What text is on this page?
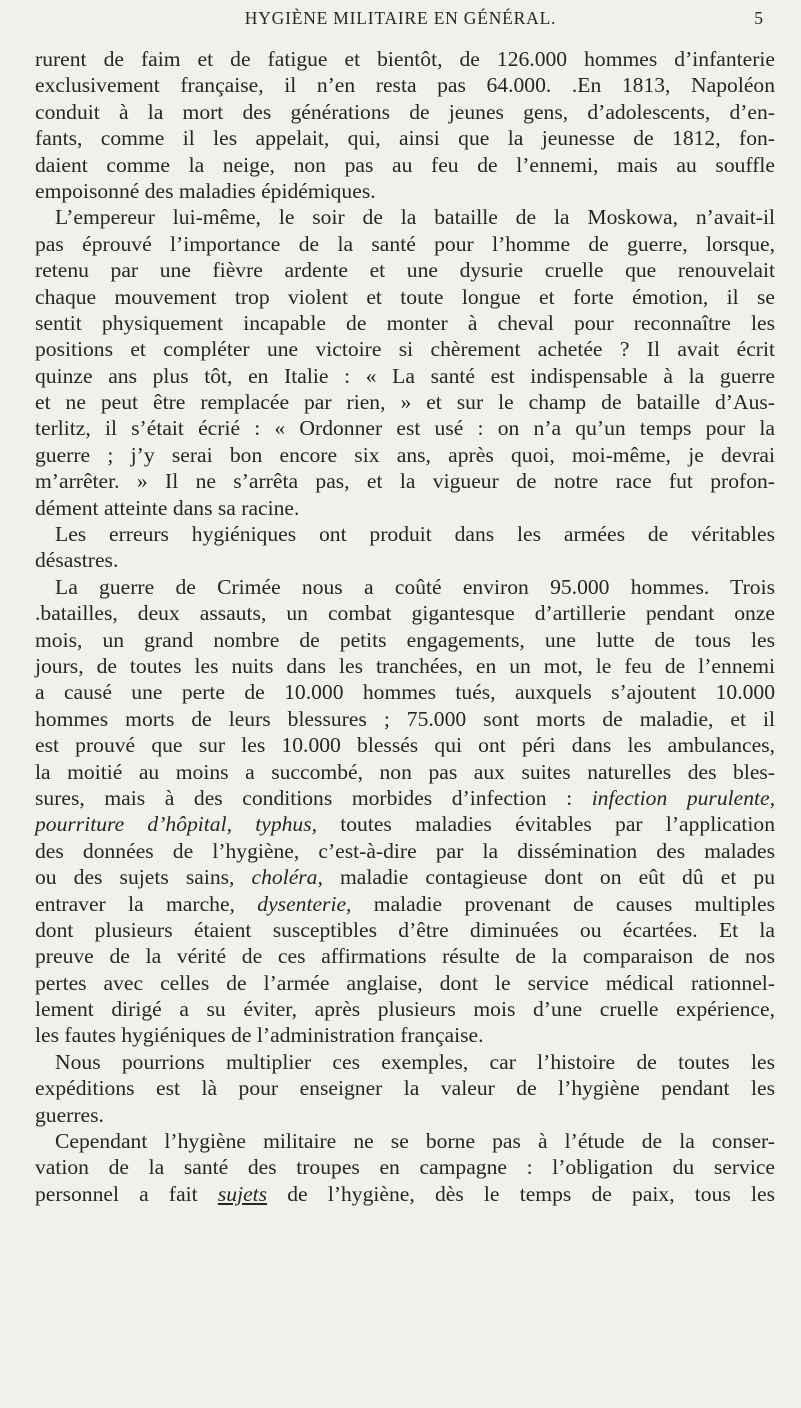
HYGIÈNE MILITAIRE EN GÉNÉRAL.	5
rurent de faim et de fatigue et bientôt, de 126.000 hommes d’infanterie
exclusivement française, il n’en resta pas 64.000. .En 1813, Napoléon
conduit à la mort des générations de jeunes gens, d’adolescents, d’en-
fants, comme il les appelait, qui, ainsi que la jeunesse de 1812, fon-
daient comme la neige, non pas au feu de l’ennemi, mais au souffle
empoisonné des maladies épidémiques.
L’empereur lui-même, le soir de la bataille de la Moskowa, n’avait-il
pas éprouvé l’importance de la santé pour l’homme de guerre, lorsque,
retenu par une fièvre ardente et une dysurie cruelle que renouvelait
chaque mouvement trop violent et toute longue et forte émotion, il se
sentit physiquement incapable de monter à cheval pour reconnaître les
positions et compléter une victoire si chèrement achetée ? Il avait écrit
quinze ans plus tôt, en Italie : « La santé est indispensable à la guerre
et ne peut être remplacée par rien, » et sur le champ de bataille d’Aus-
terlitz, il s’était écrié : « Ordonner est usé : on n’a qu’un temps pour la
guerre ; j’y serai bon encore six ans, après quoi, moi-même, je devrai
m’arrêter. » Il ne s’arrêta pas, et la vigueur de notre race fut profon-
dément atteinte dans sa racine.
Les erreurs hygiéniques ont produit dans les armées de véritables
désastres.
La guerre de Crimée nous a coûté environ 95.000 hommes. Trois
.batailles, deux assauts, un combat gigantesque d’artillerie pendant onze
mois, un grand nombre de petits engagements, une lutte de tous les
jours, de toutes les nuits dans les tranchées, en un mot, le feu de l’ennemi
a causé une perte de 10.000 hommes tués, auxquels s’ajoutent 10.000
hommes morts de leurs blessures ; 75.000 sont morts de maladie, et il
est prouvé que sur les 10.000 blessés qui ont péri dans les ambulances,
la moitié au moins a succombé, non pas aux suites naturelles des bles-
sures, mais à des conditions morbides d’infection : infection purulente,
pourriture d’hôpital, typhus, toutes maladies évitables par l’application
des données de l’hygiène, c’est-à-dire par la dissémination des malades
ou des sujets sains, choléra, maladie contagieuse dont on eût dû et pu
entraver la marche, dysenterie, maladie provenant de causes multiples
dont plusieurs étaient susceptibles d’être diminuées ou écartées. Et la
preuve de la vérité de ces affirmations résulte de la comparaison de nos
pertes avec celles de l’armée anglaise, dont le service médical rationnel-
lement dirigé a su éviter, après plusieurs mois d’une cruelle expérience,
les fautes hygiéniques de l’administration française.
Nous pourrions multiplier ces exemples, car l’histoire de toutes les
expéditions est là pour enseigner la valeur de l’hygiène pendant les
guerres.
Cependant l’hygiène militaire ne se borne pas à l’étude de la conser-
vation de la santé des troupes en campagne : l’obligation du service
personnel a fait sujets de l’hygiène, dès le temps de paix, tous les
